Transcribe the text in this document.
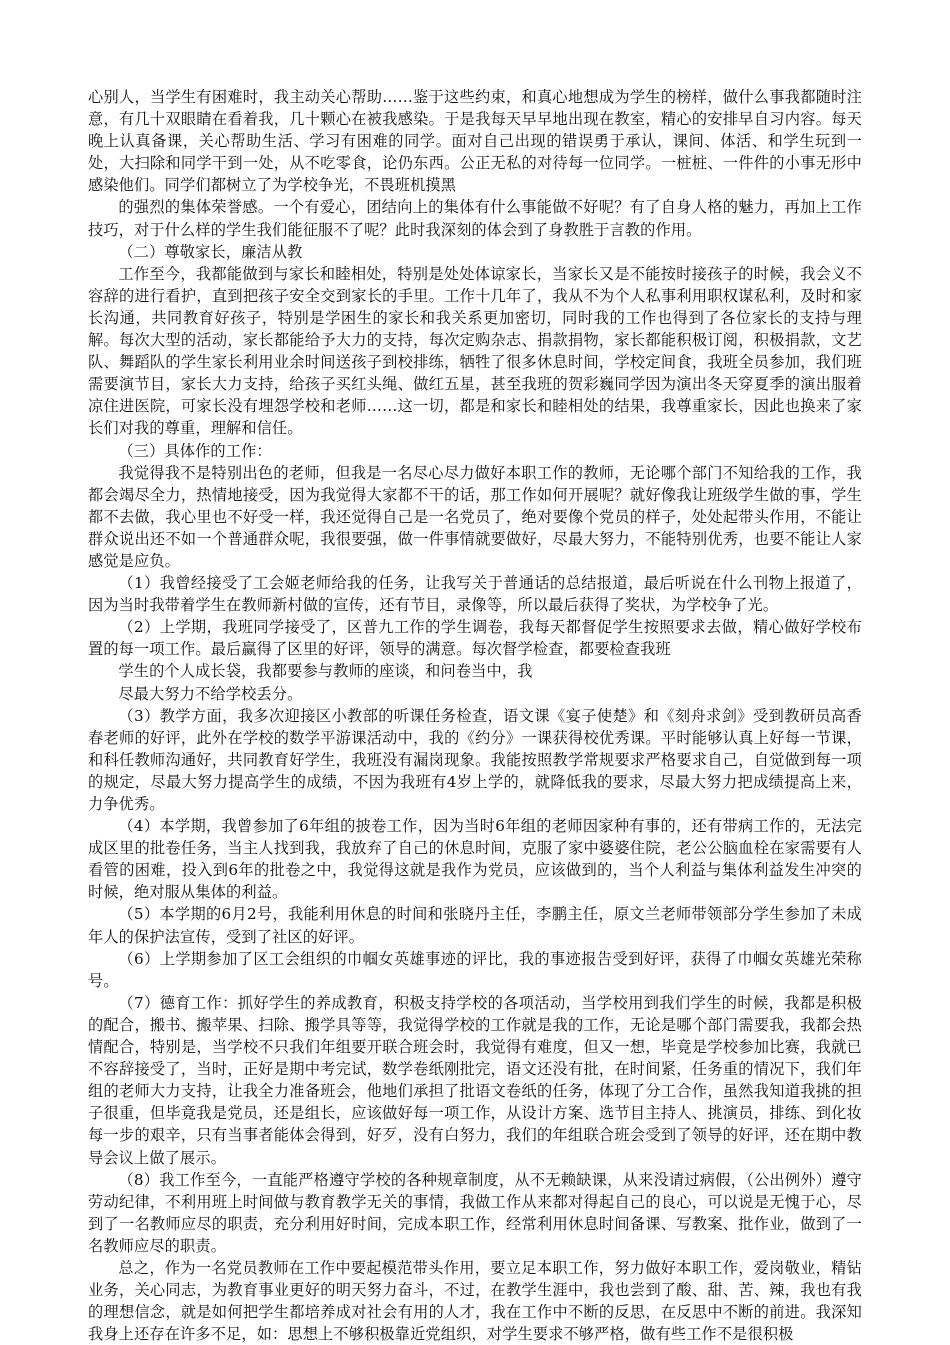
心别人，当学生有困难时，我主动关心帮助……鉴于这些约束，和真心地想成为学生的榜样，做什么事我都随时注意，有几十双眼睛在看着我，几十颗心在被我感染。于是我每天早早地出现在教室，精心的安排早自习内容。每天晚上认真备课，关心帮助生活、学习有困难的同学。面对自己出现的错误勇于承认，课间、体活、和学生玩到一处，大扫除和同学干到一处，从不吃零食，论仍东西。公正无私的对待每一位同学。一桩桩、一件件的小事无形中感染他们。同学们都树立了为学校争光，不畏班机摸黑

的强烈的集体荣誉感。一个有爱心，团结向上的集体有什么事能做不好呢？有了自身人格的魅力，再加上工作技巧，对于什么样的学生我们能征服不了呢？此时我深刻的体会到了身教胜于言教的作用。

（二）尊敬家长，廉洁从教

工作至今，我都能做到与家长和睦相处，特别是处处体谅家长，当家长又是不能按时接孩子的时候，我会义不容辞的进行看护，直到把孩子安全交到家长的手里。工作十几年了，我从不为个人私事利用职权谋私利，及时和家长沟通，共同教育好孩子，特别是学困生的家长和我关系更加密切，同时我的工作也得到了各位家长的支持与理解。每次大型的活动，家长都能给予大力的支持，每次定购杂志、捐款捐物，家长都能积极订阅，积极捐款，文艺队、舞蹈队的学生家长利用业余时间送孩子到校排练，牺牲了很多休息时间，学校定间食，我班全员参加，我们班需要演节目，家长大力支持，给孩子买红头绳、做红五星，甚至我班的贺彩巍同学因为演出冬天穿夏季的演出服着凉住进医院，可家长没有埋怨学校和老师……这一切，都是和家长和睦相处的结果，我尊重家长，因此也换来了家长们对我的尊重，理解和信任。

（三）具体作的工作：

我觉得我不是特别出色的老师，但我是一名尽心尽力做好本职工作的教师，无论哪个部门不知给我的工作，我都会竭尽全力，热情地接受，因为我觉得大家都不干的话，那工作如何开展呢？就好像我让班级学生做的事，学生都不去做，我心里也不好受一样，我还觉得自己是一名党员了，绝对要像个党员的样子，处处起带头作用，不能让群众说出还不如一个普通群众呢，我很要强，做一件事情就要做好，尽最大努力，不能特别优秀，也要不能让人家感觉是应负。

（1）我曾经接受了工会姬老师给我的任务，让我写关于普通话的总结报道，最后听说在什么刊物上报道了，因为当时我带着学生在教师新村做的宣传，还有节目，录像等，所以最后获得了奖状，为学校争了光。

（2）上学期，我班同学接受了，区普九工作的学生调卷，我每天都督促学生按照要求去做，精心做好学校布置的每一项工作。最后赢得了区里的好评，领导的满意。每次督学检查，都要检查我班

学生的个人成长袋，我都要参与教师的座谈，和问卷当中，我

尽最大努力不给学校丢分。

（3）教学方面，我多次迎接区小教部的听课任务检查，语文课《宴子使楚》和《刻舟求剑》受到教研员高香春老师的好评，此外在学校的数学平游课活动中，我的《约分》一课获得校优秀课。平时能够认真上好每一节课，和科任教师沟通好，共同教育好学生，我班没有漏岗现象。我能按照教学常规要求严格要求自己，自觉做到每一项的规定，尽最大努力提高学生的成绩，不因为我班有4岁上学的，就降低我的要求，尽最大努力把成绩提高上来，力争优秀。

（4）本学期，我曾参加了6年组的披卷工作，因为当时6年组的老师因家种有事的，还有带病工作的，无法完成区里的批卷任务，当主人找到我，我放弃了自己的休息时间，克服了家中婆婆住院，老公公脑血栓在家需要有人看管的困难，投入到6年的批卷之中，我觉得这就是我作为党员，应该做到的，当个人利益与集体利益发生冲突的时候，绝对服从集体的利益。

（5）本学期的6月2号，我能利用休息的时间和张晓丹主任，李鹏主任，原文兰老师带领部分学生参加了未成年人的保护法宣传，受到了社区的好评。

（6）上学期参加了区工会组织的巾帼女英雄事迹的评比，我的事迹报告受到好评，获得了巾帼女英雄光荣称号。

（7）德育工作：抓好学生的养成教育，积极支持学校的各项活动，当学校用到我们学生的时候，我都是积极的配合，搬书、搬苹果、扫除、搬学具等等，我觉得学校的工作就是我的工作，无论是哪个部门需要我，我都会热情配合，特别是，当学校不只我们年组要开联合班会时，我觉得有难度，但又一想，毕竟是学校参加比赛，我就已不容辞接受了，当时，正好是期中考完试，数学卷纸刚批完，语文还没有批，在时间紧，任务重的情况下，我们年组的老师大力支持，让我全力准备班会，他地们承担了批语文卷纸的任务，体现了分工合作，虽然我知道我挑的担子很重，但毕竟我是党员，还是组长，应该做好每一项工作，从设计方案、选节目主持人、挑演员，排练、到化妆每一步的艰辛，只有当事者能体会得到，好歹，没有白努力，我们的年组联合班会受到了领导的好评，还在期中教导会议上做了展示。

（8）我工作至今，一直能严格遵守学校的各种规章制度，从不无赖缺课，从来没请过病假，（公出例外）遵守劳动纪律，不利用班上时间做与教育教学无关的事情，我做工作从来都对得起自己的良心，可以说是无愧于心，尽到了一名教师应尽的职责，充分利用好时间，完成本职工作，经常利用休息时间备课、写教案、批作业，做到了一名教师应尽的职责。

总之，作为一名党员教师在工作中要起模范带头作用，要立足本职工作，努力做好本职工作，爱岗敬业，精钻业务，关心同志，为教育事业更好的明天努力奋斗，不过，在教学生涯中，我也尝到了酸、甜、苦、辣，我也有我的理想信念，就是如何把学生都培养成对社会有用的人才，我在工作中不断的反思，在反思中不断的前进。我深知我身上还存在许多不足，如：思想上不够积极靠近党组织，对学生要求不够严格，做有些工作不是很积极
